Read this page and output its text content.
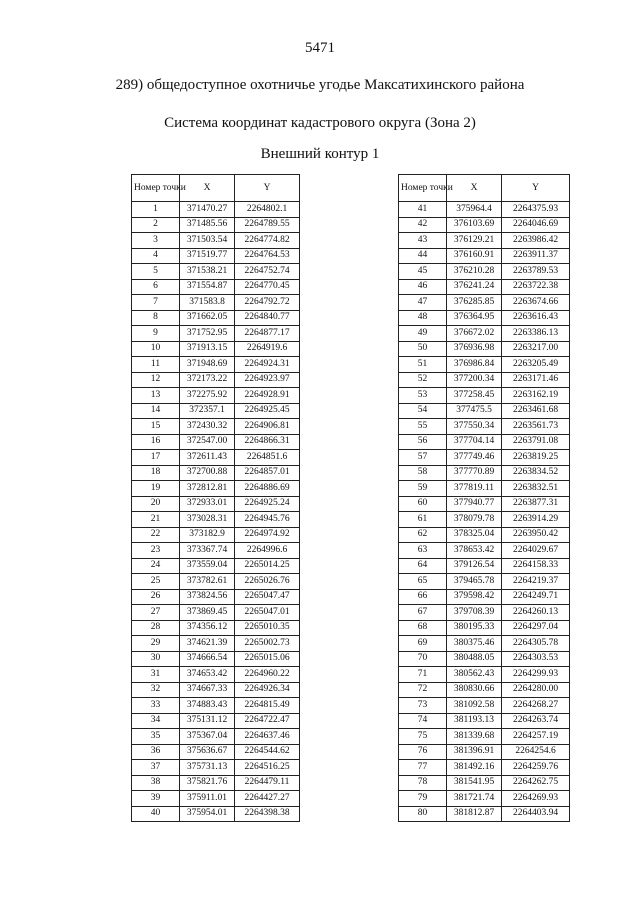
5471
289) общедоступное охотничье угодье Максатихинского района
Система координат кадастрового округа (Зона 2)
Внешний контур 1
Номер точки	X	Y
1	371470.27	2264802.1
2	371485.56	2264789.55
3	371503.54	2264774.82
4	371519.77	2264764.53
5	371538.21	2264752.74
6	371554.87	2264770.45
7	371583.8	2264792.72
8	371662.05	2264840.77
9	371752.95	2264877.17
10	371913.15	2264919.6
11	371948.69	2264924.31
12	372173.22	2264923.97
13	372275.92	2264928.91
14	372357.1	2264925.45
15	372430.32	2264906.81
16	372547.00	2264866.31
17	372611.43	2264851.6
18	372700.88	2264857.01
19	372812.81	2264886.69
20	372933.01	2264925.24
21	373028.31	2264945.76
22	373182.9	2264974.92
23	373367.74	2264996.6
24	373559.04	2265014.25
25	373782.61	2265026.76
26	373824.56	2265047.47
27	373869.45	2265047.01
28	374356.12	2265010.35
29	374621.39	2265002.73
30	374666.54	2265015.06
31	374653.42	2264960.22
32	374667.33	2264926.34
33	374883.43	2264815.49
34	375131.12	2264722.47
35	375367.04	2264637.46
36	375636.67	2264544.62
37	375731.13	2264516.25
38	375821.76	2264479.11
39	375911.01	2264427.27
40	375954.01	2264398.38
Номер точки	X	Y
41	375964.4	2264375.93
42	376103.69	2264046.69
43	376129.21	2263986.42
44	376160.91	2263911.37
45	376210.28	2263789.53
46	376241.24	2263722.38
47	376285.85	2263674.66
48	376364.95	2263616.43
49	376672.02	2263386.13
50	376936.98	2263217.00
51	376986.84	2263205.49
52	377200.34	2263171.46
53	377258.45	2263162.19
54	377475.5	2263461.68
55	377550.34	2263561.73
56	377704.14	2263791.08
57	377749.46	2263819.25
58	377770.89	2263834.52
59	377819.11	2263832.51
60	377940.77	2263877.31
61	378079.78	2263914.29
62	378325.04	2263950.42
63	378653.42	2264029.67
64	379126.54	2264158.33
65	379465.78	2264219.37
66	379598.42	2264249.71
67	379708.39	2264260.13
68	380195.33	2264297.04
69	380375.46	2264305.78
70	380488.05	2264303.53
71	380562.43	2264299.93
72	380830.66	2264280.00
73	381092.58	2264268.27
74	381193.13	2264263.74
75	381339.68	2264257.19
76	381396.91	2264254.6
77	381492.16	2264259.76
78	381541.95	2264262.75
79	381721.74	2264269.93
80	381812.87	2264403.94
